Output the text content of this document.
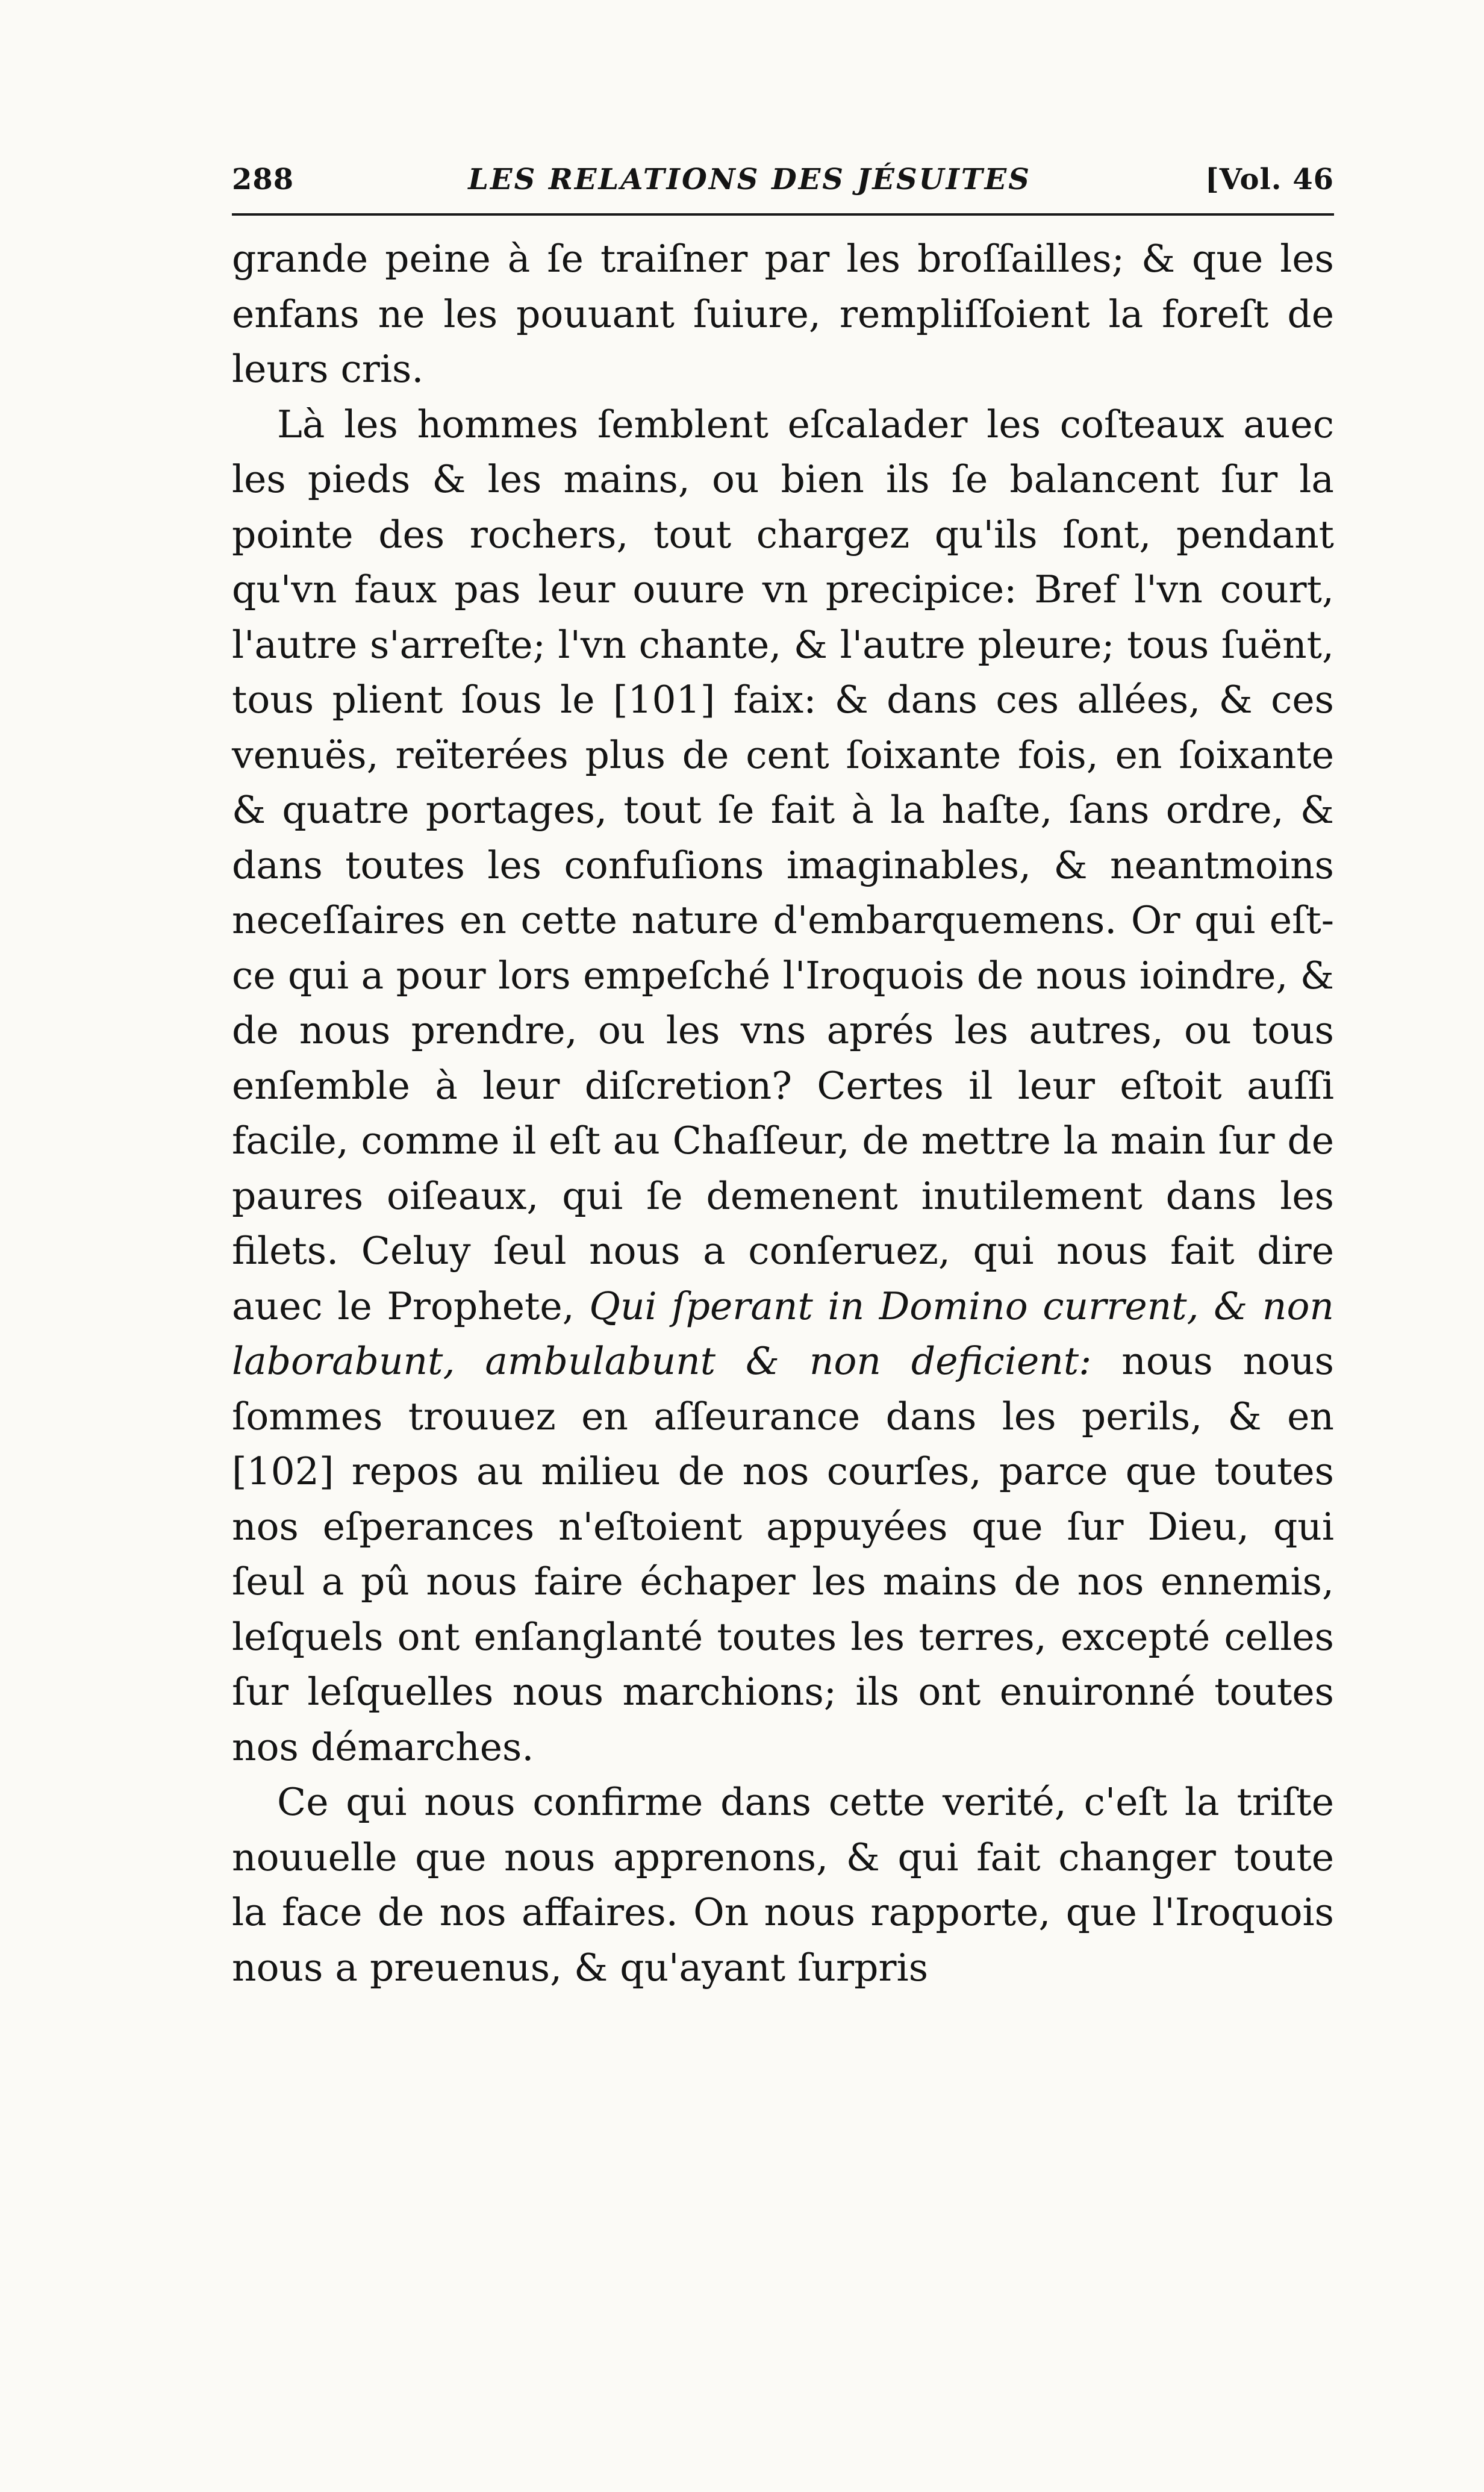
288	LES RELATIONS DES JÉSUITES	[Vol. 46

grande peine à ſe traiſner par les broſſailles; & que les enfans ne les pouuant ſuiure, rempliſſoient la foreſt de leurs cris.

Là les hommes ſemblent eſcalader les coſteaux auec les pieds & les mains, ou bien ils ſe balancent ſur la pointe des rochers, tout chargez qu'ils ſont, pendant qu'vn faux pas leur ouure vn precipice: Bref l'vn court, l'autre s'arreſte; l'vn chante, & l'autre pleure; tous ſuënt, tous plient ſous le [101] faix: & dans ces allées, & ces venuës, reïterées plus de cent ſoixante fois, en ſoixante & quatre portages, tout ſe fait à la haſte, ſans ordre, & dans toutes les confuſions imaginables, & neantmoins neceſſaires en cette nature d'embarquemens. Or qui eſt-ce qui a pour lors empeſché l'Iroquois de nous ioindre, & de nous prendre, ou les vns aprés les autres, ou tous enſemble à leur diſcretion? Certes il leur eſtoit auſſi facile, comme il eſt au Chaſſeur, de mettre la main ſur de paures oiſeaux, qui ſe demenent inutilement dans les filets. Celuy ſeul nous a conſeruez, qui nous fait dire auec le Prophete, Qui ſperant in Domino current, & non laborabunt, ambulabunt & non deficient: nous nous ſommes trouuez en aſſeurance dans les perils, & en [102] repos au milieu de nos courſes, parce que toutes nos eſperances n'eſtoient appuyées que ſur Dieu, qui ſeul a pû nous faire échaper les mains de nos ennemis, leſquels ont enſanglanté toutes les terres, excepté celles ſur leſquelles nous marchions; ils ont enuironné toutes nos démarches.

Ce qui nous confirme dans cette verité, c'eſt la triſte nouuelle que nous apprenons, & qui fait changer toute la face de nos affaires. On nous rapporte, que l'Iroquois nous a preuenus, & qu'ayant ſurpris
